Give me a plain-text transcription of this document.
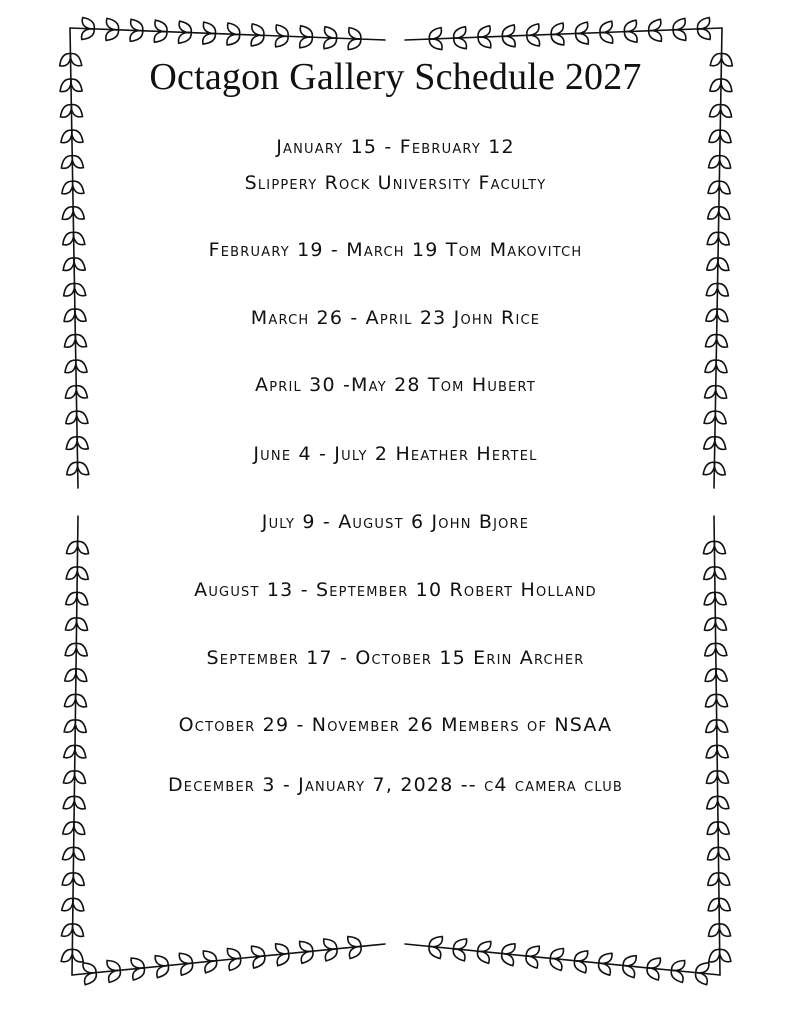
Octagon Gallery Schedule 2027
January 15 - February 12
Slippery Rock University Faculty
February 19 - March 19 Tom Makovitch
March 26 - April 23 John Rice
April 30 -May 28 Tom Hubert
June 4 - July 2 Heather Hertel
July 9 - August 6 John Bjore
August 13 - September 10 Robert Holland
September 17 - October 15 Erin Archer
October 29 - November 26 Members of NSAA
December 3 - January 7, 2028 -- c4 camera club
